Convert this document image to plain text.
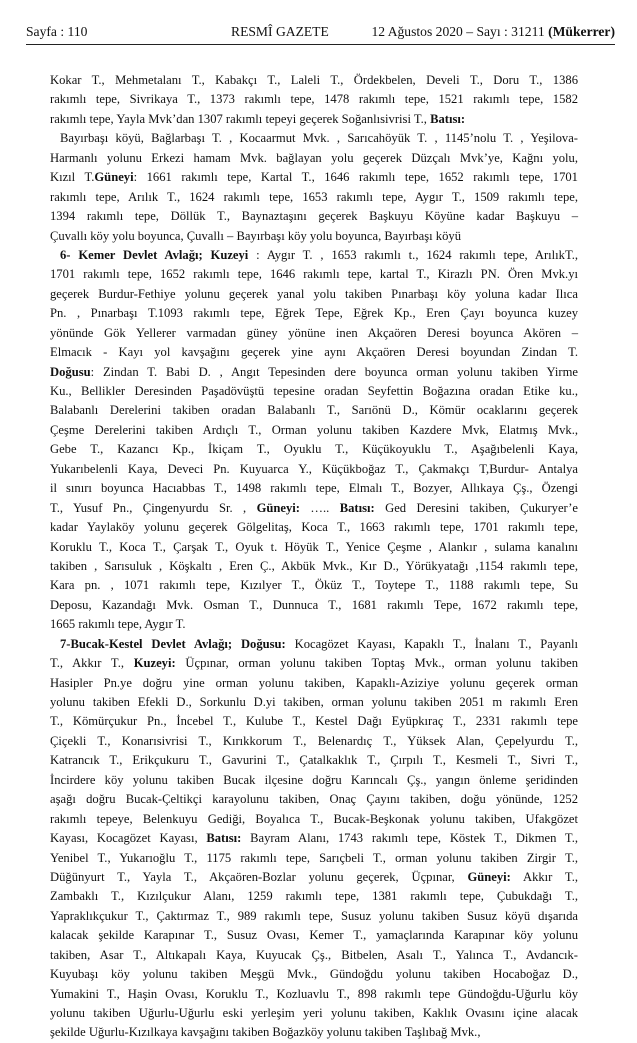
Sayfa : 110	RESMÎ GAZETE	12 Ağustos 2020 – Sayı : 31211 (Mükerrer)
Kokar T., Mehmetalanı T., Kabakçı T., Laleli T., Ördekbelen, Develi T., Doru T., 1386
rakımlı tepe, Sivrikaya T., 1373 rakımlı tepe, 1478 rakımlı tepe, 1521 rakımlı tepe, 1582
rakımlı tepe, Yayla Mvk’dan 1307 rakımlı tepeyi geçerek Soğanlısivrisi T., Batısı:
Bayırbaşı köyü, Bağlarbaşı T. , Kocaarmut Mvk. , Sarıcahöyük T. , 1145’nolu T. , Yeşilova-
Harmanlı yolunu Erkezi hamam Mvk. bağlayan yolu geçerek Düzçalı Mvk’ye, Kağnı yolu,
Kızıl T.Güneyi: 1661 rakımlı tepe, Kartal T., 1646 rakımlı tepe, 1652 rakımlı tepe, 1701
rakımlı tepe, Arılık T., 1624 rakımlı tepe, 1653 rakımlı tepe, Aygır T., 1509 rakımlı tepe,
1394 rakımlı tepe, Döllük T., Baynaztaşını geçerek Başkuyu Köyüne kadar Başkuyu –
Çuvallı köy yolu boyunca, Çuvallı – Bayırbaşı köy yolu boyunca, Bayırbaşı köyü
6- Kemer Devlet Avlağı; Kuzeyi : Aygır T. , 1653 rakımlı t., 1624 rakımlı tepe, ArılıkT.,
1701 rakımlı tepe, 1652 rakımlı tepe, 1646 rakımlı tepe, kartal T., Kirazlı PN. Ören Mvk.yı
geçerek Burdur-Fethiye yolunu geçerek yanal yolu takiben Pınarbaşı köy yoluna kadar Ilıca
Pn. , Pınarbaşı T.1093 rakımlı tepe, Eğrek Tepe, Eğrek Kp., Eren Çayı boyunca kuzey
yönünde Gök Yellerer varmadan güney yönüne inen Akçaören Deresi boyunca Akören –
Elmacık - Kayı yol kavşağını geçerek yine aynı Akçaören Deresi boyundan Zindan T.
Doğusu: Zindan T. Babi D. , Angıt Tepesinden dere boyunca orman yolunu takiben Yirme
Ku., Bellikler Deresinden Paşadövüştü tepesine oradan Seyfettin Boğazına oradan Etike ku.,
Balabanlı Derelerini takiben oradan Balabanlı T., Sarıönü D., Kömür ocaklarını geçerek
Çeşme Derelerini takiben Ardıçlı T., Orman yolunu takiben Kazdere Mvk, Elatmış Mvk.,
Gebe T., Kazancı Kp., İkiçam T., Oyuklu T., Küçükoyuklu T., Aşağıbelenli Kaya,
Yukarıbelenli Kaya, Deveci Pn. Kuyuarca Y., Küçükboğaz T., Çakmakçı T,Burdur- Antalya
il sınırı boyunca Hacıabbas T., 1498 rakımlı tepe, Elmalı T., Bozyer, Allıkaya Çş., Özengi
T., Yusuf Pn., Çingenyurdu Sr. , Güneyi: ….. Batısı: Ged Deresini takiben, Çukuryer’e
kadar Yaylaköy yolunu geçerek Gölgelitaş, Koca T., 1663 rakımlı tepe, 1701 rakımlı tepe,
Koruklu T., Koca T., Çarşak T., Oyuk t. Höyük T., Yenice Çeşme , Alankır , sulama kanalını
takiben , Sarısuluk , Köşkaltı , Eren Ç., Akbük Mvk., Kır D., Yörükyatağı ,1154 rakımlı tepe,
Kara pn. , 1071 rakımlı tepe, Kızılyer T., Öküz T., Toytepe T., 1188 rakımlı tepe, Su
Deposu, Kazandağı Mvk. Osman T., Dunnuca T., 1681 rakımlı Tepe, 1672 rakımlı tepe,
1665 rakımlı tepe, Aygır T.
7-Bucak-Kestel Devlet Avlağı; Doğusu: Kocagözet Kayası, Kapaklı T., İnalanı T., Payanlı
T., Akkır T., Kuzeyi: Üçpınar, orman yolunu takiben Toptaş Mvk., orman yolunu takiben
Hasipler Pn.ye doğru yine orman yolunu takiben, Kapaklı-Aziziye yolunu geçerek orman
yolunu takiben Efekli D., Sorkunlu D.yi takiben, orman yolunu takiben 2051 m rakımlı Eren
T., Kömürçukur Pn., İncebel T., Kulube T., Kestel Dağı Eyüpkıraç T., 2331 rakımlı tepe
Çiçekli T., Konarısivrisi T., Kırıkkorum T., Belenardıç T., Yüksek Alan, Çepelyurdu T.,
Katrancık T., Erikçukuru T., Gavurini T., Çatalkaklık T., Çırpılı T., Kesmeli T., Sivri T.,
İncirdere köy yolunu takiben Bucak ilçesine doğru Karıncalı Çş., yangın önleme şeridinden
aşağı doğru Bucak-Çeltikçi karayolunu takiben, Onaç Çayını takiben, doğu yönünde, 1252
rakımlı tepeye, Belenkuyu Gediği, Boyalıca T., Bucak-Beşkonak yolunu takiben, Ufakgözet
Kayası, Kocagözet Kayası, Batısı: Bayram Alanı, 1743 rakımlı tepe, Köstek T., Dikmen T.,
Yenibel T., Yukarıoğlu T., 1175 rakımlı tepe, Sarıçbeli T., orman yolunu takiben Zirgir T.,
Düğünyurt T., Yayla T., Akçaören-Bozlar yolunu geçerek, Üçpınar, Güneyi: Akkır T.,
Zambaklı T., Kızılçukur Alanı, 1259 rakımlı tepe, 1381 rakımlı tepe, Çubukdağı T.,
Yapraklıkçukur T., Çaktırmaz T., 989 rakımlı tepe, Susuz yolunu takiben Susuz köyü dışarıda
kalacak şekilde Karapınar T., Susuz Ovası, Kemer T., yamaçlarında Karapınar köy yolunu
takiben, Asar T., Altıkapalı Kaya, Kuyucak Çş., Bitbelen, Asalı T., Yalınca T., Avdancık-
Kuyubaşı köy yolunu takiben Meşgü Mvk., Gündoğdu yolunu takiben Hocaboğaz D.,
Yumakini T., Haşin Ovası, Koruklu T., Kozluavlu T., 898 rakımlı tepe Gündoğdu-Uğurlu köy
yolunu takiben Uğurlu-Uğurlu eski yerleşim yeri yolunu takiben, Kaklık Ovasını içine alacak
şekilde Uğurlu-Kızılkaya kavşağını takiben Boğazköy yolunu takiben Taşlıbağ Mvk.,
